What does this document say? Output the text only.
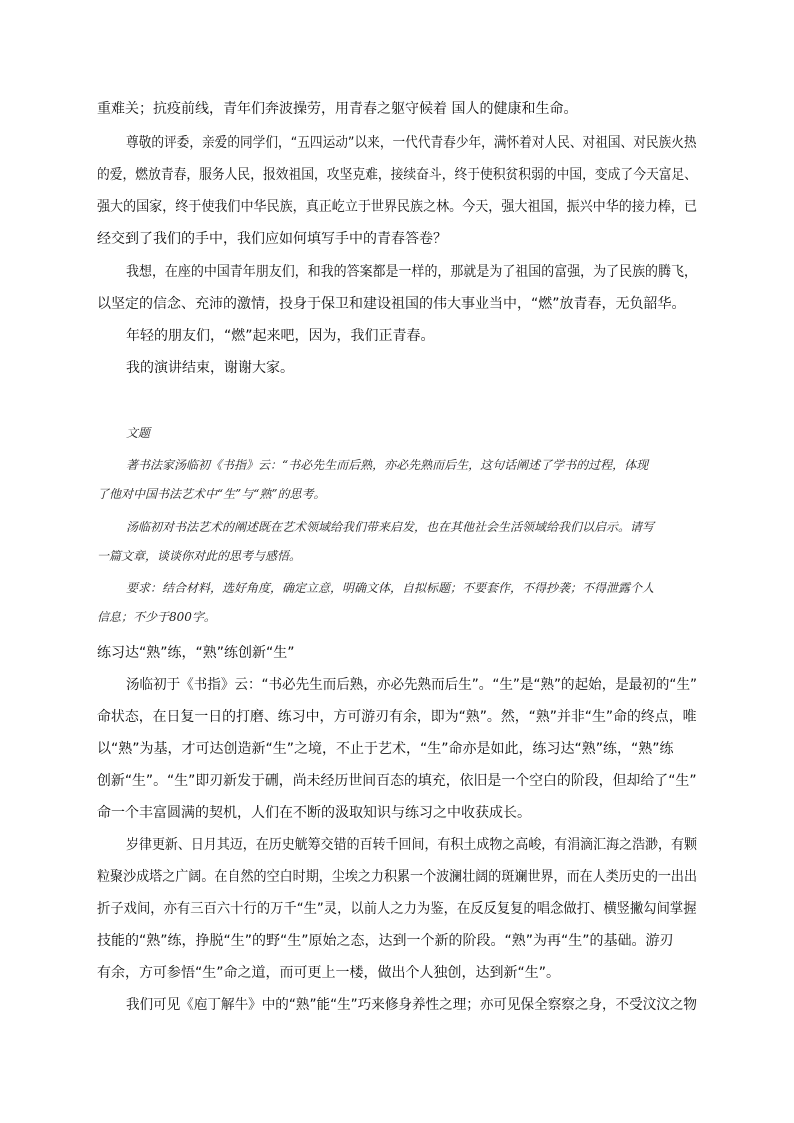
重难关；抗疫前线，青年们奔波操劳，用青春之躯守候着 国人的健康和生命。
尊敬的评委，亲爱的同学们，“五四运动”以来，一代代青春少年，满怀着对人民、对祖国、对民族火热
的爱，燃放青春，服务人民，报效祖国，攻坚克难，接续奋斗，终于使积贫积弱的中国，变成了今天富足、
强大的国家，终于使我们中华民族，真正屹立于世界民族之林。今天，强大祖国，振兴中华的接力棒，已
经交到了我们的手中，我们应如何填写手中的青春答卷？
我想，在座的中国青年朋友们，和我的答案都是一样的，那就是为了祖国的富强，为了民族的腾飞，
以坚定的信念、充沛的激情，投身于保卫和建设祖国的伟大事业当中，“燃”放青春，无负韶华。
年轻的朋友们，“燃”起来吧，因为，我们正青春。
我的演讲结束，谢谢大家。
文题
著书法家汤临初《书指》云：“书必先生而后熟，亦必先熟而后生，这句话阐述了学书的过程，体现
了他对中国书法艺术中“生”与“熟”的思考。
汤临初对书法艺术的阐述既在艺术领域给我们带来启发，也在其他社会生活领域给我们以启示。请写
一篇文章，谈谈你对此的思考与感悟。
要求：结合材料，选好角度，确定立意，明确文体，自拟标题；不要套作，不得抄袭；不得泄露个人
信息；不少于800字。
练习达“熟”练，“熟”练创新“生”
汤临初于《书指》云：“书必先生而后熟，亦必先熟而后生”。“生”是“熟”的起始，是最初的“生”
命状态，在日复一日的打磨、练习中，方可游刃有余，即为“熟”。然，“熟”并非“生”命的终点，唯
以“熟”为基，才可达创造新“生”之境，不止于艺术，“生”命亦是如此，练习达“熟”练，“熟”练
创新“生”。“生”即刃新发于硎，尚未经历世间百态的填充，依旧是一个空白的阶段，但却给了“生”
命一个丰富圆满的契机，人们在不断的汲取知识与练习之中收获成长。
岁律更新、日月其迈，在历史觥筹交错的百转千回间，有积土成物之高峻，有涓滴汇海之浩渺，有颗
粒聚沙成塔之广阔。在自然的空白时期，尘埃之力积累一个波澜壮阔的斑斓世界，而在人类历史的一出出
折子戏间，亦有三百六十行的万千“生”灵，以前人之力为鉴，在反反复复的唱念做打、横竖撇勾间掌握
技能的“熟”练，挣脱“生”的野“生”原始之态，达到一个新的阶段。“熟”为再“生”的基础。游刃
有余，方可参悟“生”命之道，而可更上一楼，做出个人独创，达到新“生”。
我们可见《庖丁解牛》中的“熟”能“生”巧来修身养性之理；亦可见保全察察之身，不受汶汶之物
